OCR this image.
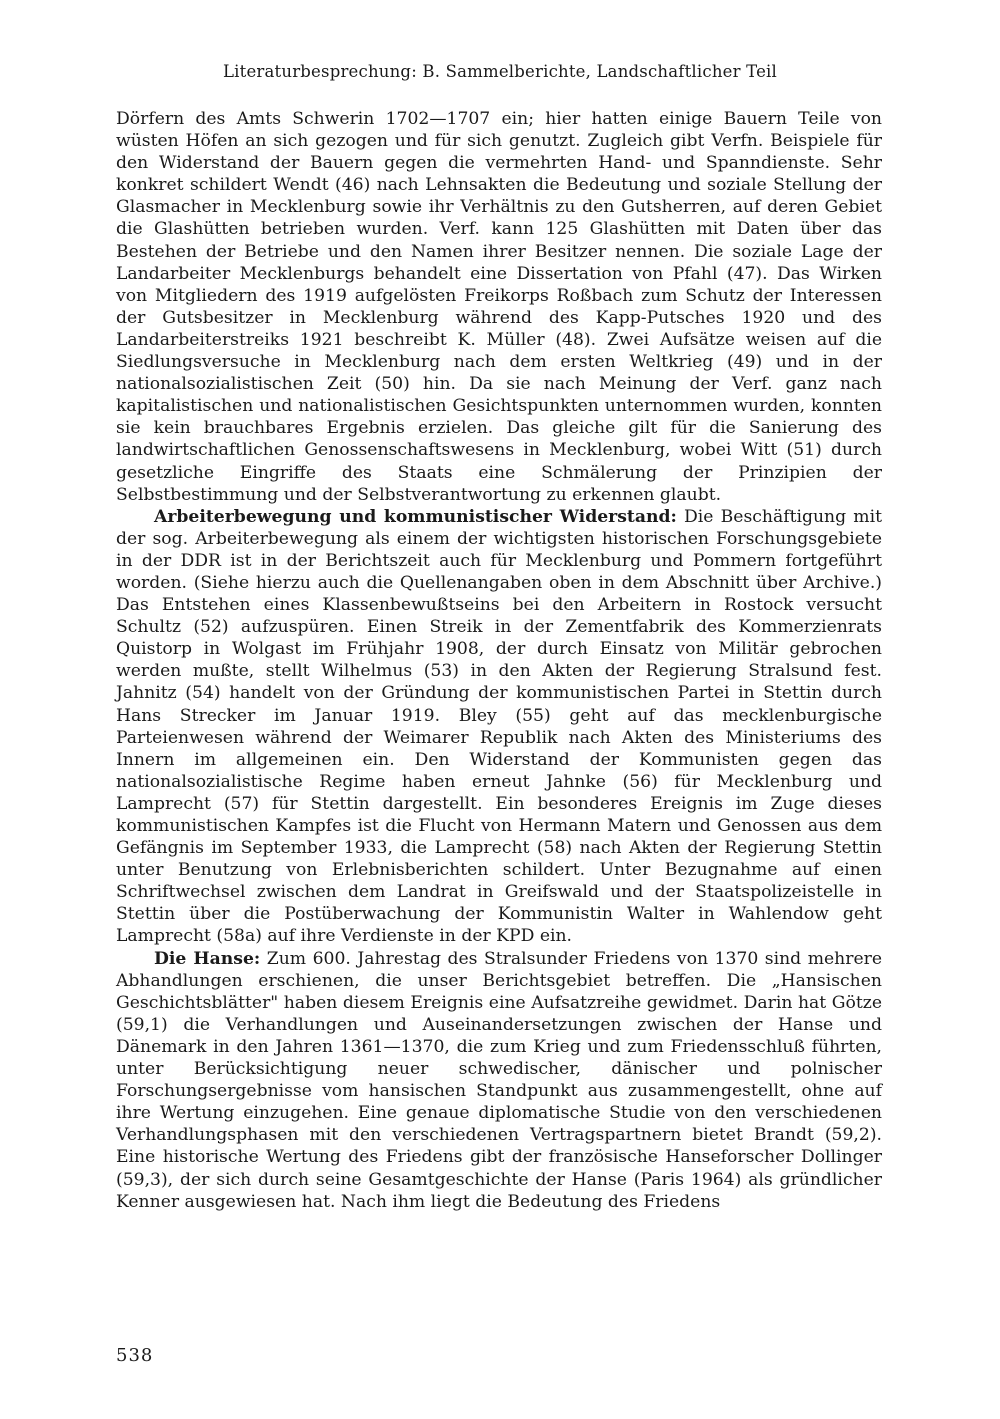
Literaturbesprechung: B. Sammelberichte, Landschaftlicher Teil

Dörfern des Amts Schwerin 1702—1707 ein; hier hatten einige Bauern Teile von wüsten Höfen an sich gezogen und für sich genutzt. Zugleich gibt Verfn. Beispiele für den Widerstand der Bauern gegen die vermehrten Hand- und Spanndienste. Sehr konkret schildert Wendt (46) nach Lehnsakten die Bedeutung und soziale Stellung der Glasmacher in Mecklenburg sowie ihr Verhältnis zu den Gutsherren, auf deren Gebiet die Glashütten betrieben wurden. Verf. kann 125 Glashütten mit Daten über das Bestehen der Betriebe und den Namen ihrer Besitzer nennen. Die soziale Lage der Landarbeiter Mecklenburgs behandelt eine Dissertation von Pfahl (47). Das Wirken von Mitgliedern des 1919 aufgelösten Freikorps Roßbach zum Schutz der Interessen der Gutsbesitzer in Mecklenburg während des Kapp-Putsches 1920 und des Landarbeiterstreiks 1921 beschreibt K. Müller (48). Zwei Aufsätze weisen auf die Siedlungsversuche in Mecklenburg nach dem ersten Weltkrieg (49) und in der nationalsozialistischen Zeit (50) hin. Da sie nach Meinung der Verf. ganz nach kapitalistischen und nationalistischen Gesichtspunkten unternommen wurden, konnten sie kein brauchbares Ergebnis erzielen. Das gleiche gilt für die Sanierung des landwirtschaftlichen Genossenschaftswesens in Mecklenburg, wobei Witt (51) durch gesetzliche Eingriffe des Staats eine Schmälerung der Prinzipien der Selbstbestimmung und der Selbstverantwortung zu erkennen glaubt.

Arbeiterbewegung und kommunistischer Widerstand: Die Beschäftigung mit der sog. Arbeiterbewegung als einem der wichtigsten historischen Forschungsgebiete in der DDR ist in der Berichtszeit auch für Mecklenburg und Pommern fortgeführt worden. (Siehe hierzu auch die Quellenangaben oben in dem Abschnitt über Archive.) Das Entstehen eines Klassenbewußtseins bei den Arbeitern in Rostock versucht Schultz (52) aufzuspüren. Einen Streik in der Zementfabrik des Kommerzienrats Quistorp in Wolgast im Frühjahr 1908, der durch Einsatz von Militär gebrochen werden mußte, stellt Wilhelmus (53) in den Akten der Regierung Stralsund fest. Jahnitz (54) handelt von der Gründung der kommunistischen Partei in Stettin durch Hans Strecker im Januar 1919. Bley (55) geht auf das mecklenburgische Parteienwesen während der Weimarer Republik nach Akten des Ministeriums des Innern im allgemeinen ein. Den Widerstand der Kommunisten gegen das nationalsozialistische Regime haben erneut Jahnke (56) für Mecklenburg und Lamprecht (57) für Stettin dargestellt. Ein besonderes Ereignis im Zuge dieses kommunistischen Kampfes ist die Flucht von Hermann Matern und Genossen aus dem Gefängnis im September 1933, die Lamprecht (58) nach Akten der Regierung Stettin unter Benutzung von Erlebnisberichten schildert. Unter Bezugnahme auf einen Schriftwechsel zwischen dem Landrat in Greifswald und der Staatspolizeistelle in Stettin über die Postüberwachung der Kommunistin Walter in Wahlendow geht Lamprecht (58a) auf ihre Verdienste in der KPD ein.

Die Hanse: Zum 600. Jahrestag des Stralsunder Friedens von 1370 sind mehrere Abhandlungen erschienen, die unser Berichtsgebiet betreffen. Die „Hansischen Geschichtsblätter" haben diesem Ereignis eine Aufsatzreihe gewidmet. Darin hat Götze (59,1) die Verhandlungen und Auseinandersetzungen zwischen der Hanse und Dänemark in den Jahren 1361—1370, die zum Krieg und zum Friedensschluß führten, unter Berücksichtigung neuer schwedischer, dänischer und polnischer Forschungsergebnisse vom hansischen Standpunkt aus zusammengestellt, ohne auf ihre Wertung einzugehen. Eine genaue diplomatische Studie von den verschiedenen Verhandlungsphasen mit den verschiedenen Vertragspartnern bietet Brandt (59,2). Eine historische Wertung des Friedens gibt der französische Hanseforscher Dollinger (59,3), der sich durch seine Gesamtgeschichte der Hanse (Paris 1964) als gründlicher Kenner ausgewiesen hat. Nach ihm liegt die Bedeutung des Friedens

538
